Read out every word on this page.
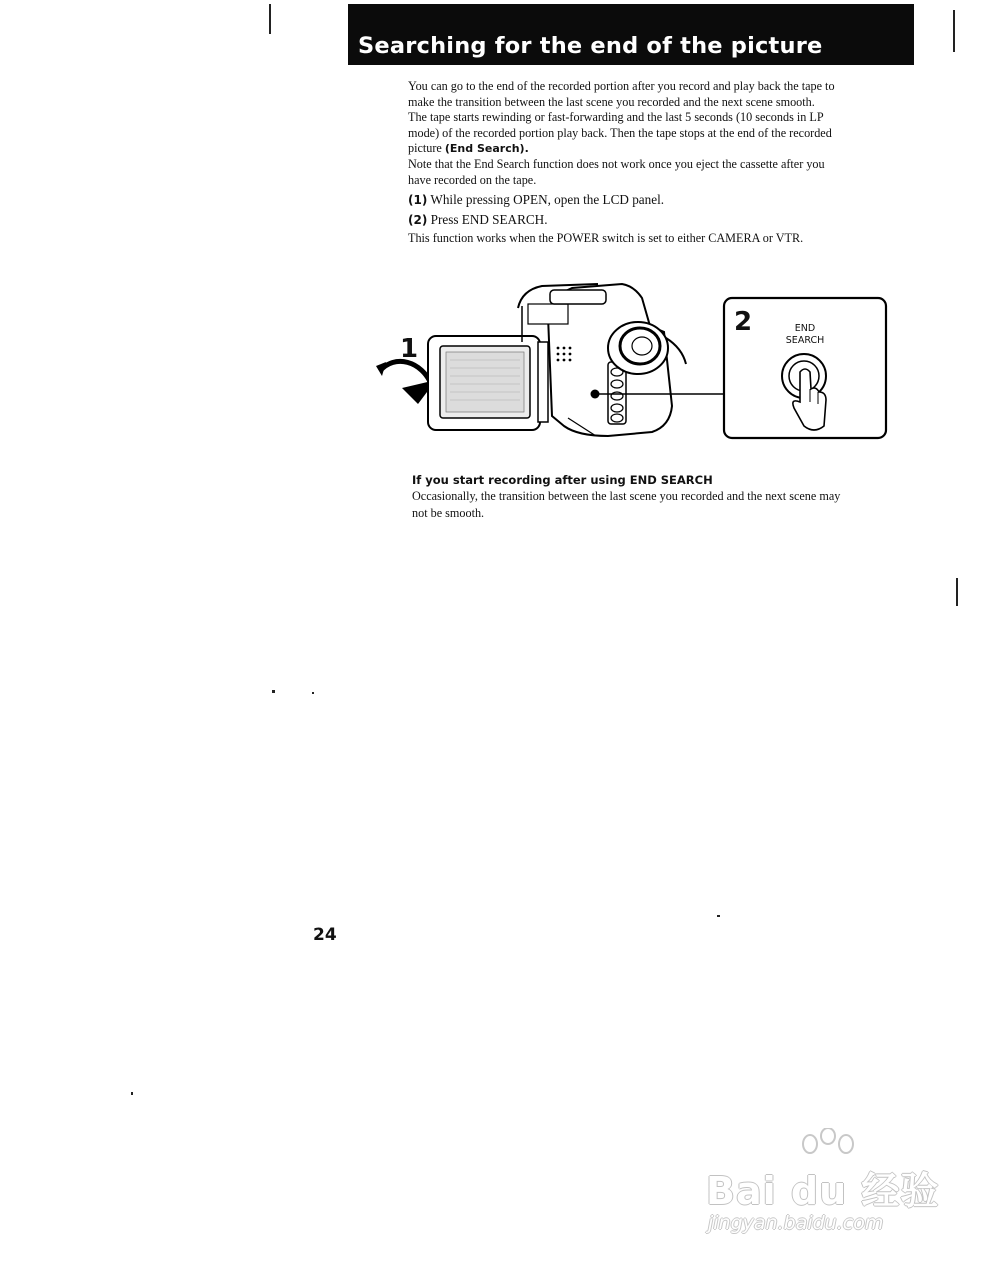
Searching for the end of the picture

You can go to the end of the recorded portion after you record and play back the tape to

make the transition between the last scene you recorded and the next scene smooth.

The tape starts rewinding or fast-forwarding and the last 5 seconds (10 seconds in LP

mode) of the recorded portion play back. Then the tape stops at the end of the recorded

picture (End Search).

Note that the End Search function does not work once you eject the cassette after you

have recorded on the tape.

(1) While pressing OPEN, open the LCD panel.

(2) Press END SEARCH.

This function works when the POWER switch is set to either CAMERA or VTR.

1
2	END
SEARCH
If you start recording after using END SEARCH
Occasionally, the transition between the last scene you recorded and the next scene may
not be smooth.
24
Bai du 经验
jingyan.baidu.com
